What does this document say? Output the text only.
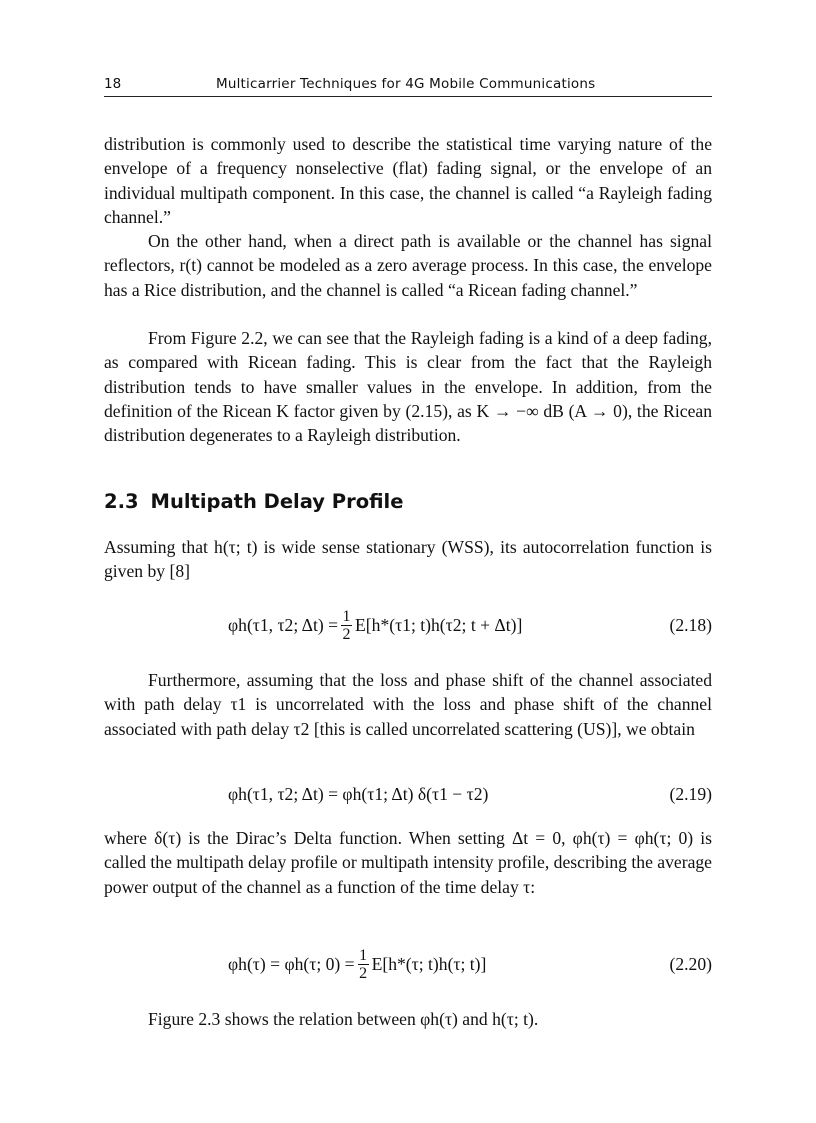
18	Multicarrier Techniques for 4G Mobile Communications

distribution is commonly used to describe the statistical time varying nature of the envelope of a frequency nonselective (flat) fading signal, or the envelope of an individual multipath component. In this case, the channel is called “a Rayleigh fading channel.”

On the other hand, when a direct path is available or the channel has signal reflectors, r(t) cannot be modeled as a zero average process. In this case, the envelope has a Rice distribution, and the channel is called “a Ricean fading channel.”

From Figure 2.2, we can see that the Rayleigh fading is a kind of a deep fading, as compared with Ricean fading. This is clear from the fact that the Rayleigh distribution tends to have smaller values in the envelope. In addition, from the definition of the Ricean K factor given by (2.15), as K → −∞ dB (A → 0), the Ricean distribution degenerates to a Rayleigh distribution.

2.3 Multipath Delay Profile

Assuming that h(τ; t) is wide sense stationary (WSS), its autocorrelation function is given by [8]

φh(τ1, τ2; $\Delta t) = \frac{1}{2} E[h*(\tau 1$; t)h(τ2; t + Δt)]	(2.18)

Furthermore, assuming that the loss and phase shift of the channel associated with path delay τ1 is uncorrelated with the loss and phase shift of the channel associated with path delay τ2 [this is called uncorrelated scattering (US)], we obtain

φh(τ1, τ2; Δt) = φh(τ1; Δt) δ(τ1 − τ2)	(2.19)

where δ(τ) is the Dirac’s Delta function. When setting Δt = 0, φh(τ) = φh(τ; 0) is called the multipath delay profile or multipath intensity profile, describing the average power output of the channel as a function of the time delay τ:

φh(τ) = φh(τ; $0) = \frac{1}{2} E[h*(\tau$; t)h(τ; t)]	(2.20)

Figure 2.3 shows the relation between φh(τ) and h(τ; t).
